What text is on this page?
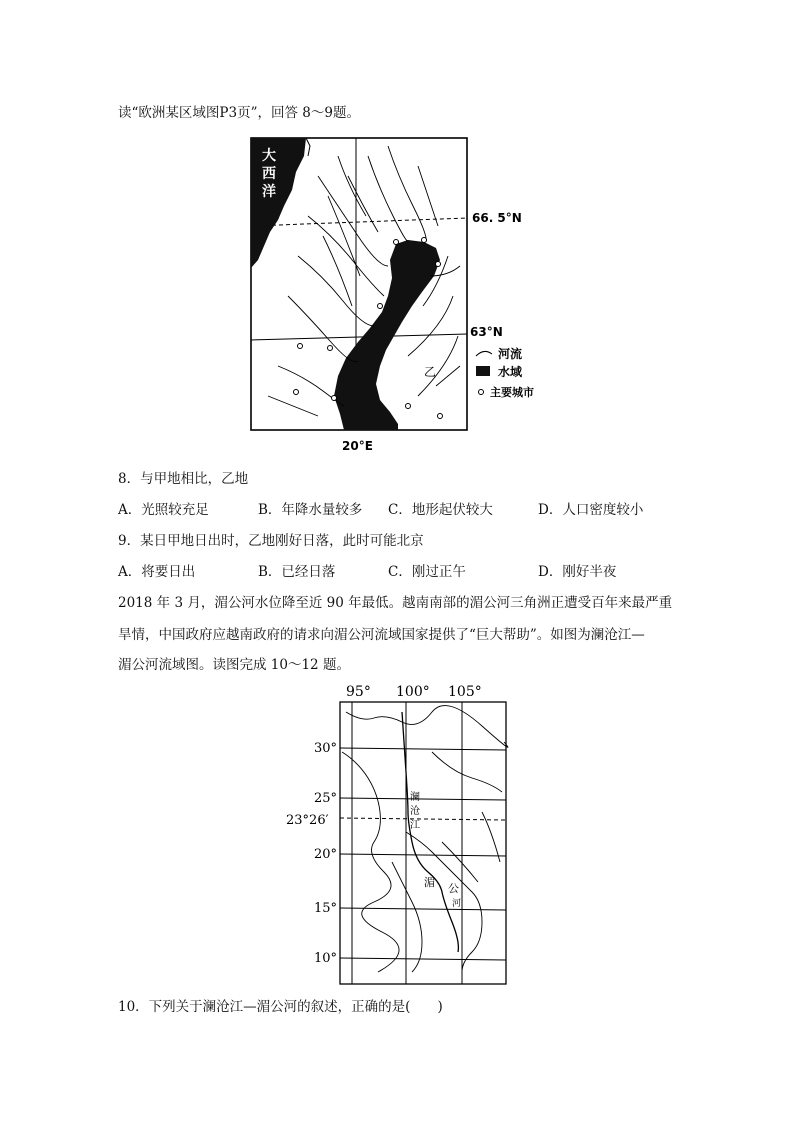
读“欧洲某区域图P3页”，回答 8～9题。
大
西
洋
甲
乙
66. 5°N
63°N
20°E
河流
水域
主要城市
8．与甲地相比，乙地
A．光照较充足	B．年降水量较多 C．地形起伏较大	D．人口密度较小
9．某日甲地日出时，乙地刚好日落，此时可能北京
A．将要日出	B．已经日落	C．刚过正午	D．刚好半夜
2018 年 3 月，湄公河水位降至近 90 年最低。越南南部的湄公河三角洲正遭受百年来最严重
旱情，中国政府应越南政府的请求向湄公河流域国家提供了“巨大帮助”。如图为澜沧江—
湄公河流域图。读图完成 10～12 题。
95° 100° 105°
30°
25°
23°26′
20°
15°
10°
澜
沧
江
湄 公
河
10．下列关于澜沧江—湄公河的叙述，正确的是(　　)
